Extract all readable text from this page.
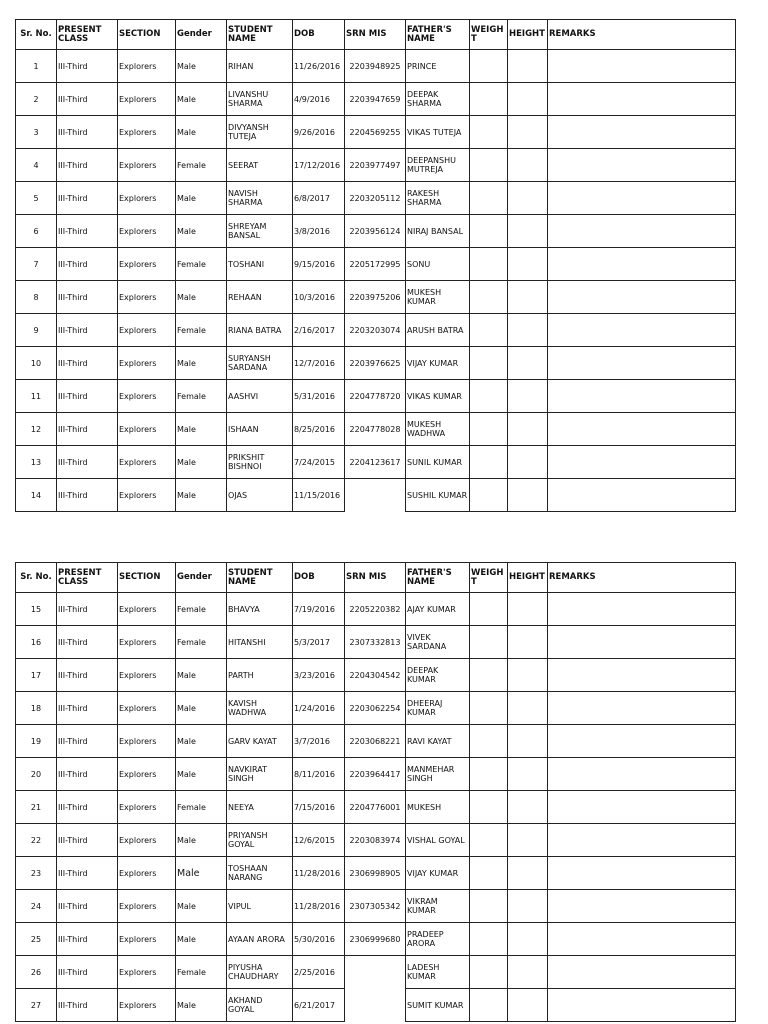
Sr. No.	PRESENT CLASS	SECTION	Gender	STUDENT NAME	DOB	SRN MIS	FATHER'S NAME	WEIGHT	HEIGHT	REMARKS
1	III-Third	Explorers	Male	RIHAN	11/26/2016	2203948925	PRINCE			
2	III-Third	Explorers	Male	LIVANSHU SHARMA	4/9/2016	2203947659	DEEPAK SHARMA			
3	III-Third	Explorers	Male	DIVYANSH TUTEJA	9/26/2016	2204569255	VIKAS TUTEJA			
4	III-Third	Explorers	Female	SEERAT	17/12/2016	2203977497	DEEPANSHU MUTREJA			
5	III-Third	Explorers	Male	NAVISH SHARMA	6/8/2017	2203205112	RAKESH SHARMA			
6	III-Third	Explorers	Male	SHREYAM BANSAL	3/8/2016	2203956124	NIRAJ BANSAL			
7	III-Third	Explorers	Female	TOSHANI	9/15/2016	2205172995	SONU			
8	III-Third	Explorers	Male	REHAAN	10/3/2016	2203975206	MUKESH KUMAR			
9	III-Third	Explorers	Female	RIANA BATRA	2/16/2017	2203203074	ARUSH BATRA			
10	III-Third	Explorers	Male	SURYANSH SARDANA	12/7/2016	2203976625	VIJAY KUMAR			
11	III-Third	Explorers	Female	AASHVI	5/31/2016	2204778720	VIKAS KUMAR			
12	III-Third	Explorers	Male	ISHAAN	8/25/2016	2204778028	MUKESH WADHWA			
13	III-Third	Explorers	Male	PRIKSHIT BISHNOI	7/24/2015	2204123617	SUNIL KUMAR			
14	III-Third	Explorers	Male	OJAS	11/15/2016		SUSHIL KUMAR			
Sr. No.	PRESENT CLASS	SECTION	Gender	STUDENT NAME	DOB	SRN MIS	FATHER'S NAME	WEIGHT	HEIGHT	REMARKS
15	III-Third	Explorers	Female	BHAVYA	7/19/2016	2205220382	AJAY KUMAR			
16	III-Third	Explorers	Female	HITANSHI	5/3/2017	2307332813	VIVEK SARDANA			
17	III-Third	Explorers	Male	PARTH	3/23/2016	2204304542	DEEPAK KUMAR			
18	III-Third	Explorers	Male	KAVISH WADHWA	1/24/2016	2203062254	DHEERAJ KUMAR			
19	III-Third	Explorers	Male	GARV KAYAT	3/7/2016	2203068221	RAVI KAYAT			
20	III-Third	Explorers	Male	NAVKIRAT SINGH	8/11/2016	2203964417	MANMEHAR SINGH			
21	III-Third	Explorers	Female	NEEYA	7/15/2016	2204776001	MUKESH			
22	III-Third	Explorers	Male	PRIYANSH GOYAL	12/6/2015	2203083974	VISHAL GOYAL			
23	III-Third	Explorers	Male	TOSHAAN NARANG	11/28/2016	2306998905	VIJAY KUMAR			
24	III-Third	Explorers	Male	VIPUL	11/28/2016	2307305342	VIKRAM KUMAR			
25	III-Third	Explorers	Male	AYAAN ARORA	5/30/2016	2306999680	PRADEEP ARORA			
26	III-Third	Explorers	Female	PIYUSHA CHAUDHARY	2/25/2016		LADESH KUMAR			
27	III-Third	Explorers	Male	AKHAND GOYAL	6/21/2017		SUMIT KUMAR			
